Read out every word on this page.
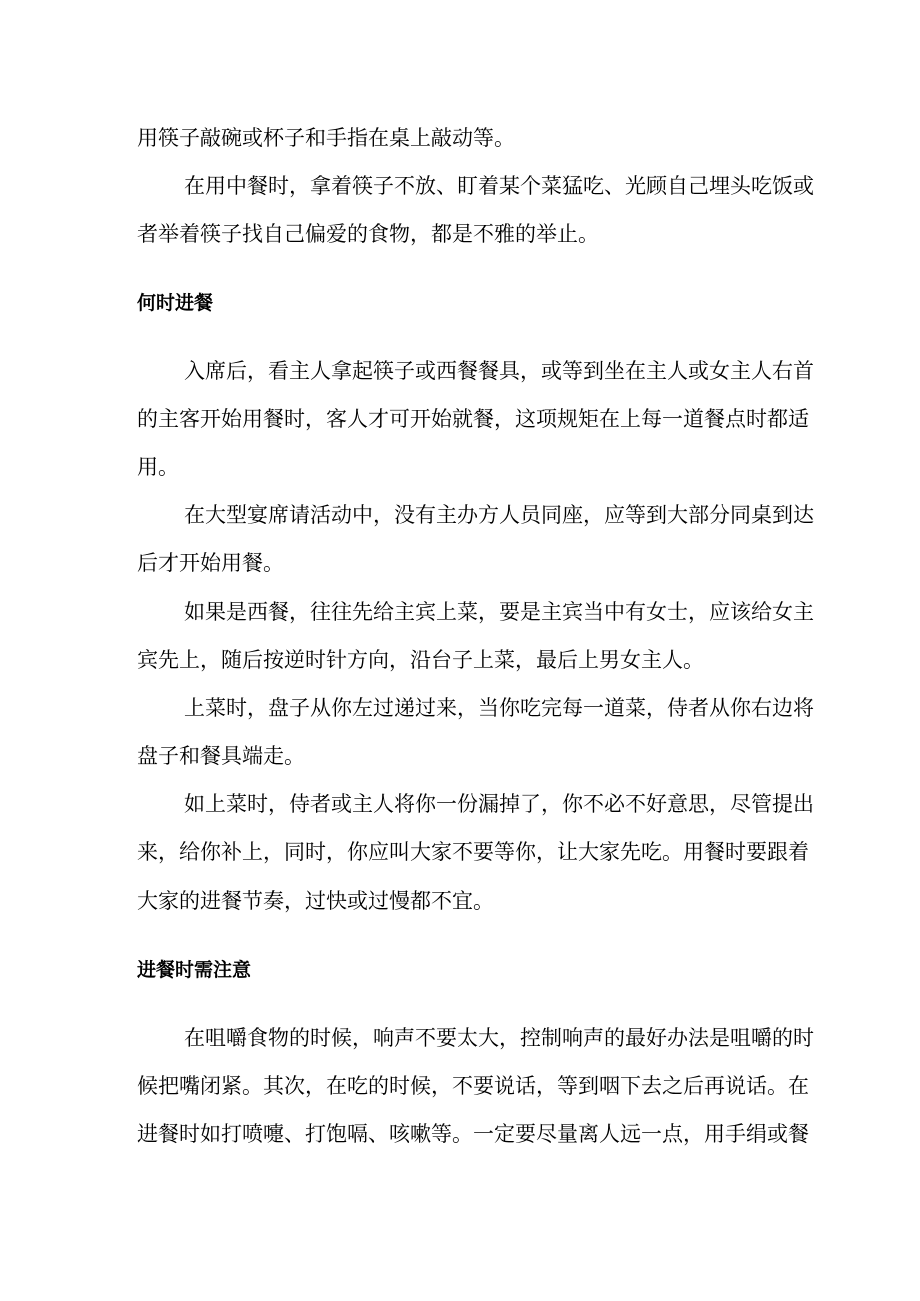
用筷子敲碗或杯子和手指在桌上敲动等。
在用中餐时，拿着筷子不放、盯着某个菜猛吃、光顾自己埋头吃饭或
者举着筷子找自己偏爱的食物，都是不雅的举止。
何时进餐
入席后，看主人拿起筷子或西餐餐具，或等到坐在主人或女主人右首
的主客开始用餐时，客人才可开始就餐，这项规矩在上每一道餐点时都适
用。
在大型宴席请活动中，没有主办方人员同座，应等到大部分同桌到达
后才开始用餐。
如果是西餐，往往先给主宾上菜，要是主宾当中有女士，应该给女主
宾先上，随后按逆时针方向，沿台子上菜，最后上男女主人。
上菜时，盘子从你左过递过来，当你吃完每一道菜，侍者从你右边将
盘子和餐具端走。
如上菜时，侍者或主人将你一份漏掉了，你不必不好意思，尽管提出
来，给你补上，同时，你应叫大家不要等你，让大家先吃。用餐时要跟着
大家的进餐节奏，过快或过慢都不宜。
进餐时需注意
在咀嚼食物的时候，响声不要太大，控制响声的最好办法是咀嚼的时
候把嘴闭紧。其次，在吃的时候，不要说话，等到咽下去之后再说话。在
进餐时如打喷嚏、打饱嗝、咳嗽等。一定要尽量离人远一点，用手绢或餐
